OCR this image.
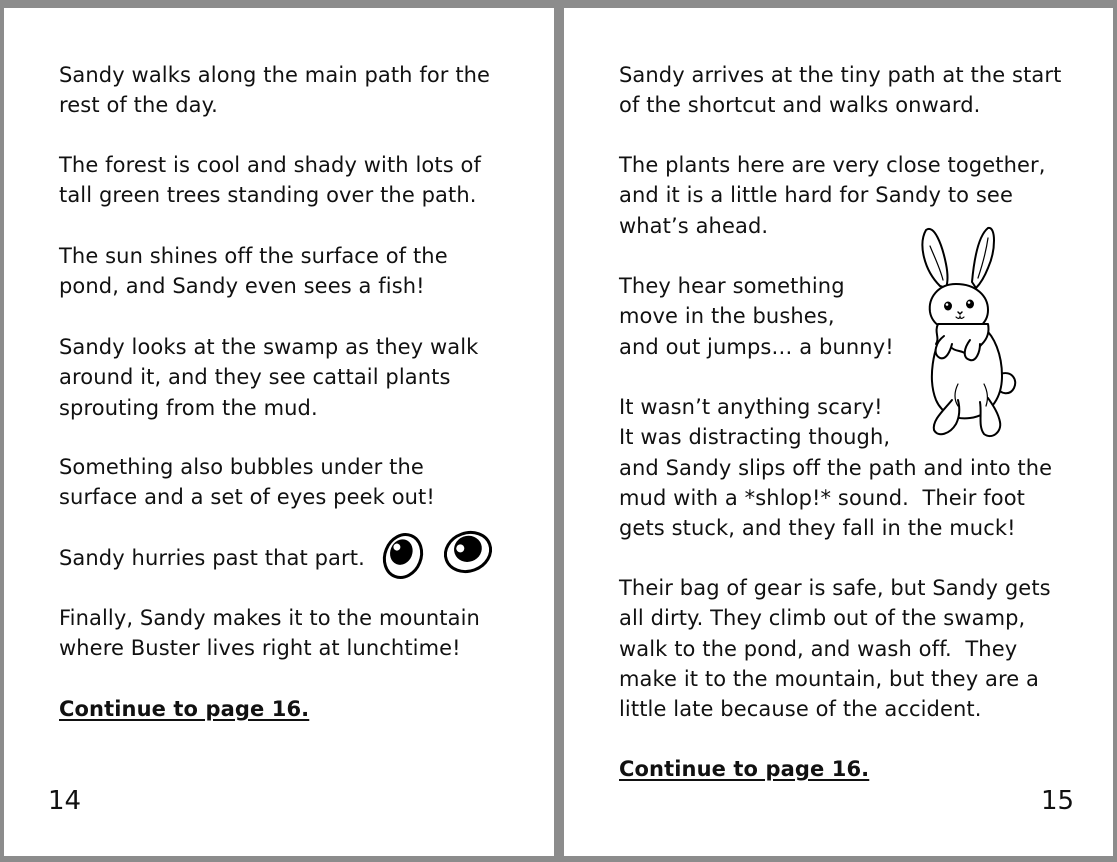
Sandy walks along the main path for the
rest of the day.

The forest is cool and shady with lots of
tall green trees standing over the path.

The sun shines off the surface of the
pond, and Sandy even sees a fish!

Sandy looks at the swamp as they walk
around it, and they see cattail plants
sprouting from the mud.

Something also bubbles under the
surface and a set of eyes peek out!

Sandy hurries past that part.

Finally, Sandy makes it to the mountain
where Buster lives right at lunchtime!

Continue to page 16.

14

Sandy arrives at the tiny path at the start
of the shortcut and walks onward.

The plants here are very close together,
and it is a little hard for Sandy to see
what’s ahead.

They hear something
move in the bushes,
and out jumps… a bunny!

It wasn’t anything scary!
It was distracting though,
and Sandy slips off the path and into the
mud with a *shlop!* sound.  Their foot
gets stuck, and they fall in the muck!

Their bag of gear is safe, but Sandy gets
all dirty. They climb out of the swamp,
walk to the pond, and wash off.  They
make it to the mountain, but they are a
little late because of the accident.

Continue to page 16.

15
